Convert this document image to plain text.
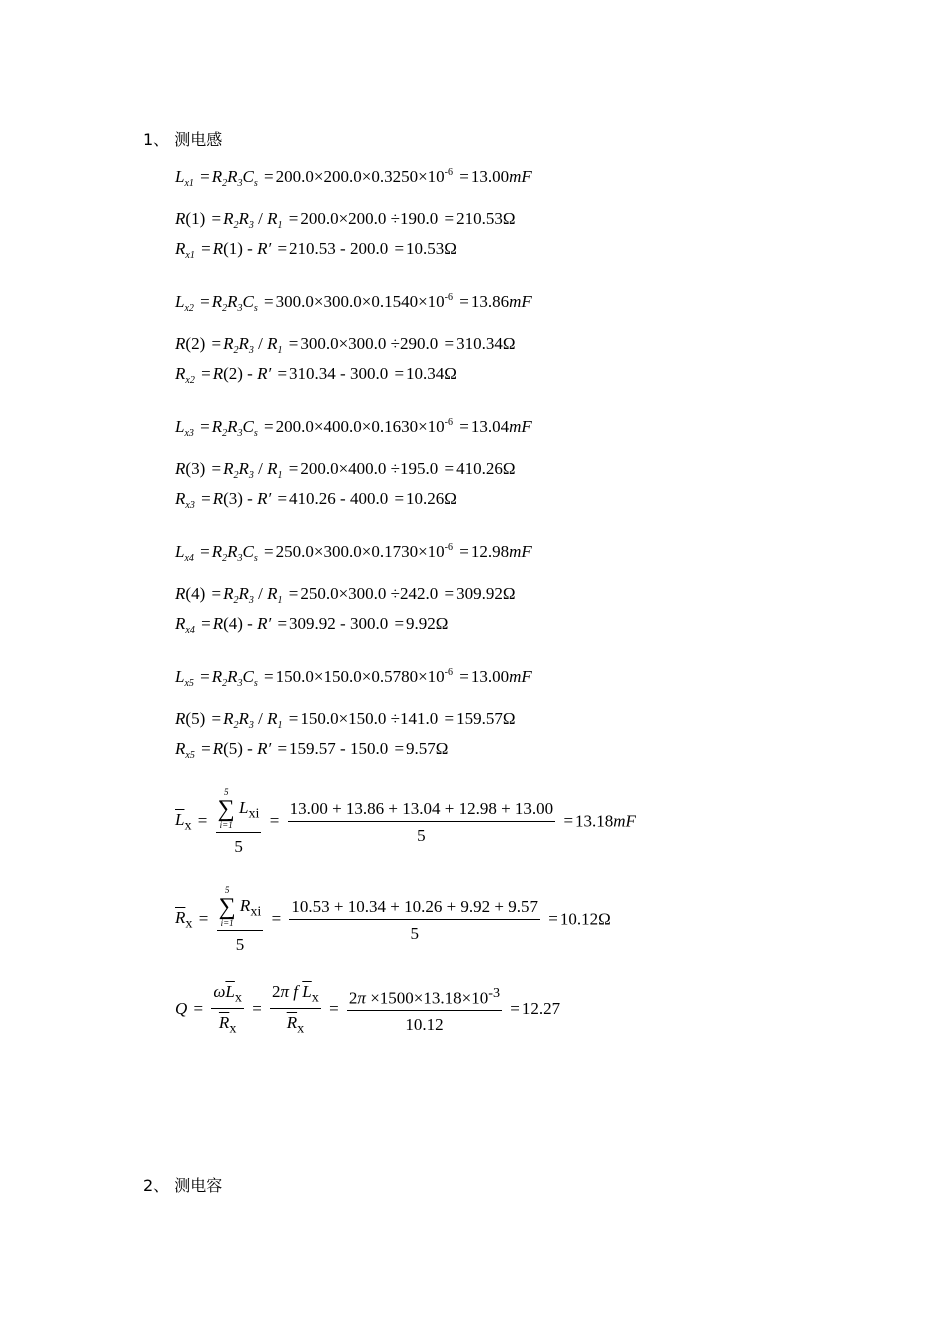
1、 测电感
$L_{x1} = R_2R_3C_s = 200.0\times 200.0\times 0.3250\times 10^{-6} = 13.00mF$
$R(1) = R_2R_3 / R_1 = 200.0\times 200.0 \div 190.0 = 210.53\Omega$
$R_{x1} = R(1) - R' = 210.53 - 200.0 = 10.53\Omega$
$L_{x2} = R_2R_3C_s = 300.0\times 300.0\times 0.1540\times 10^{-6} = 13.86mF$
$R(2) = R_2R_3 / R_1 = 300.0\times 300.0 \div 290.0 = 310.34\Omega$
$R_{x2} = R(2) - R' = 310.34 - 300.0 = 10.34\Omega$
$L_{x3} = R_2R_3C_s = 200.0\times 400.0\times 0.1630\times 10^{-6} = 13.04mF$
$R(3) = R_2R_3 / R_1 = 200.0\times 400.0 \div 195.0 = 410.26\Omega$
$R_{x3} = R(3) - R' = 410.26 - 400.0 = 10.26\Omega$
$L_{x4} = R_2R_3C_s = 250.0\times 300.0\times 0.1730\times 10^{-6} = 12.98mF$
$R(4) = R_2R_3 / R_1 = 250.0\times 300.0 \div 242.0 = 309.92\Omega$
$R_{x4} = R(4) - R' = 309.92 - 300.0 = 9.92\Omega$
$L_{x5} = R_2R_3C_s = 150.0\times 150.0\times 0.5780\times 10^{-6} = 13.00mF$
$R(5) = R_2R_3 / R_1 = 150.0\times 150.0 \div 141.0 = 159.57\Omega$
$R_{x5} = R(5) - R' = 159.57 - 150.0 = 9.57\Omega$
$\overline{L}_x = 5$
∑
i=1
$L_{xi}$
$5 = \frac{13.00 + 13.86 + 13.04 + 12.98 + 13.00}{5} = 13.18mF$
$\overline{R}_x = 5$
∑
i=1
$R_{xi}$
$5 = \frac{10.53 + 10.34 + 10.26 + 9.92 + 9.57}{5} = 10.12\Omega$
$Q = \frac{\omega\overline{L}_x}{\overline{R}_x} = \frac{2\pi f \overline{L}_x}{\overline{R}_x} = \frac{2\pi \times 1500\times 13.18\times 10^{-3}}{10.12} = 12.27$
2、 测电容
